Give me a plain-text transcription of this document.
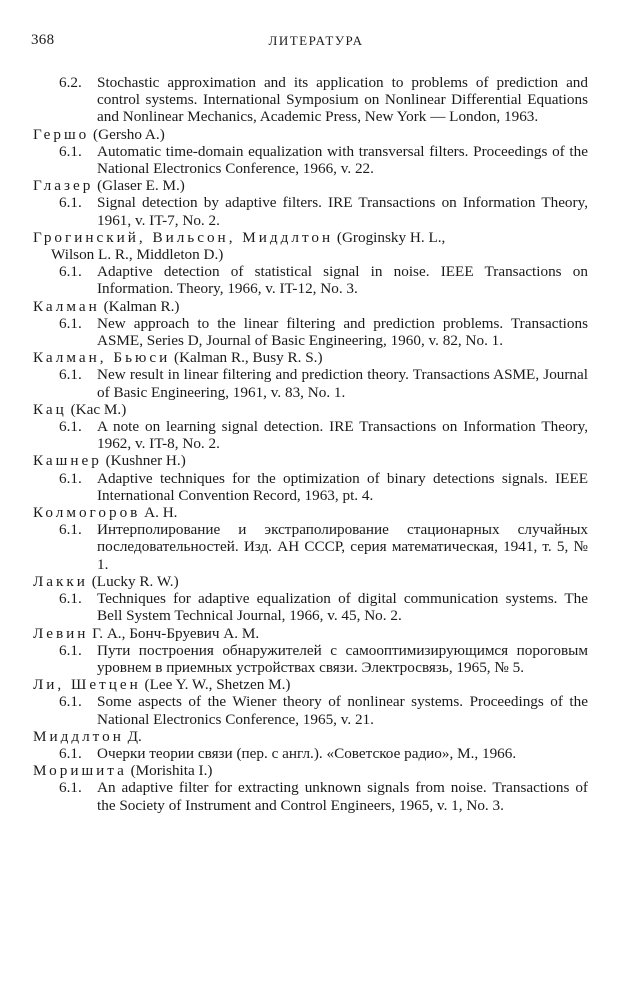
368	ЛИТЕРАТУРА

6.2. Stochastic approximation and its application to problems of prediction and control systems. International Symposium on Nonlinear Differential Equations and Nonlinear Mechanics, Academic Press, New York — London, 1963.

Гершо (Gersho A.)

6.1. Automatic time-domain equalization with transversal filters. Proceedings of the National Electronics Conference, 1966, v. 22.

Глазер (Glaser E. M.)

6.1. Signal detection by adaptive filters. IRE Transactions on Information Theory, 1961, v. IT-7, No. 2.

Грогинский, Вильсон, Миддлтон (Groginsky H. L.,

Wilson L. R., Middleton D.)

6.1. Adaptive detection of statistical signal in noise. IEEE Transactions on Information. Theory, 1966, v. IT-12, No. 3.

Калман (Kalman R.)

6.1. New approach to the linear filtering and prediction problems. Transactions ASME, Series D, Journal of Basic Engineering, 1960, v. 82, No. 1.

Калман, Бьюси (Kalman R., Busy R. S.)

6.1. New result in linear filtering and prediction theory. Transactions ASME, Journal of Basic Engineering, 1961, v. 83, No. 1.

Кац (Kac M.)

6.1. A note on learning signal detection. IRE Transactions on Information Theory, 1962, v. IT-8, No. 2.

Кашнер (Kushner H.)

6.1. Adaptive techniques for the optimization of binary detections signals. IEEE International Convention Record, 1963, pt. 4.

Колмогоров А. Н.

6.1. Интерполирование и экстраполирование стационарных случайных последовательностей. Изд. АН СССР, серия математическая, 1941, т. 5, № 1.

Лакки (Lucky R. W.)

6.1. Techniques for adaptive equalization of digital communication systems. The Bell System Technical Journal, 1966, v. 45, No. 2.

Левин Г. А., Бонч-Бруевич А. М.

6.1. Пути построения обнаружителей с самооптимизирующимся пороговым уровнем в приемных устройствах связи. Электросвязь, 1965, № 5.

Ли, Шетцен (Lee Y. W., Shetzen M.)

6.1. Some aspects of the Wiener theory of nonlinear systems. Proceedings of the National Electronics Conference, 1965, v. 21.

Миддлтон Д.

6.1. Очерки теории связи (пер. с англ.). «Советское радио», М., 1966.

Моришита (Morishita I.)

6.1. An adaptive filter for extracting unknown signals from noise. Transactions of the Society of Instrument and Control Engineers, 1965, v. 1, No. 3.
